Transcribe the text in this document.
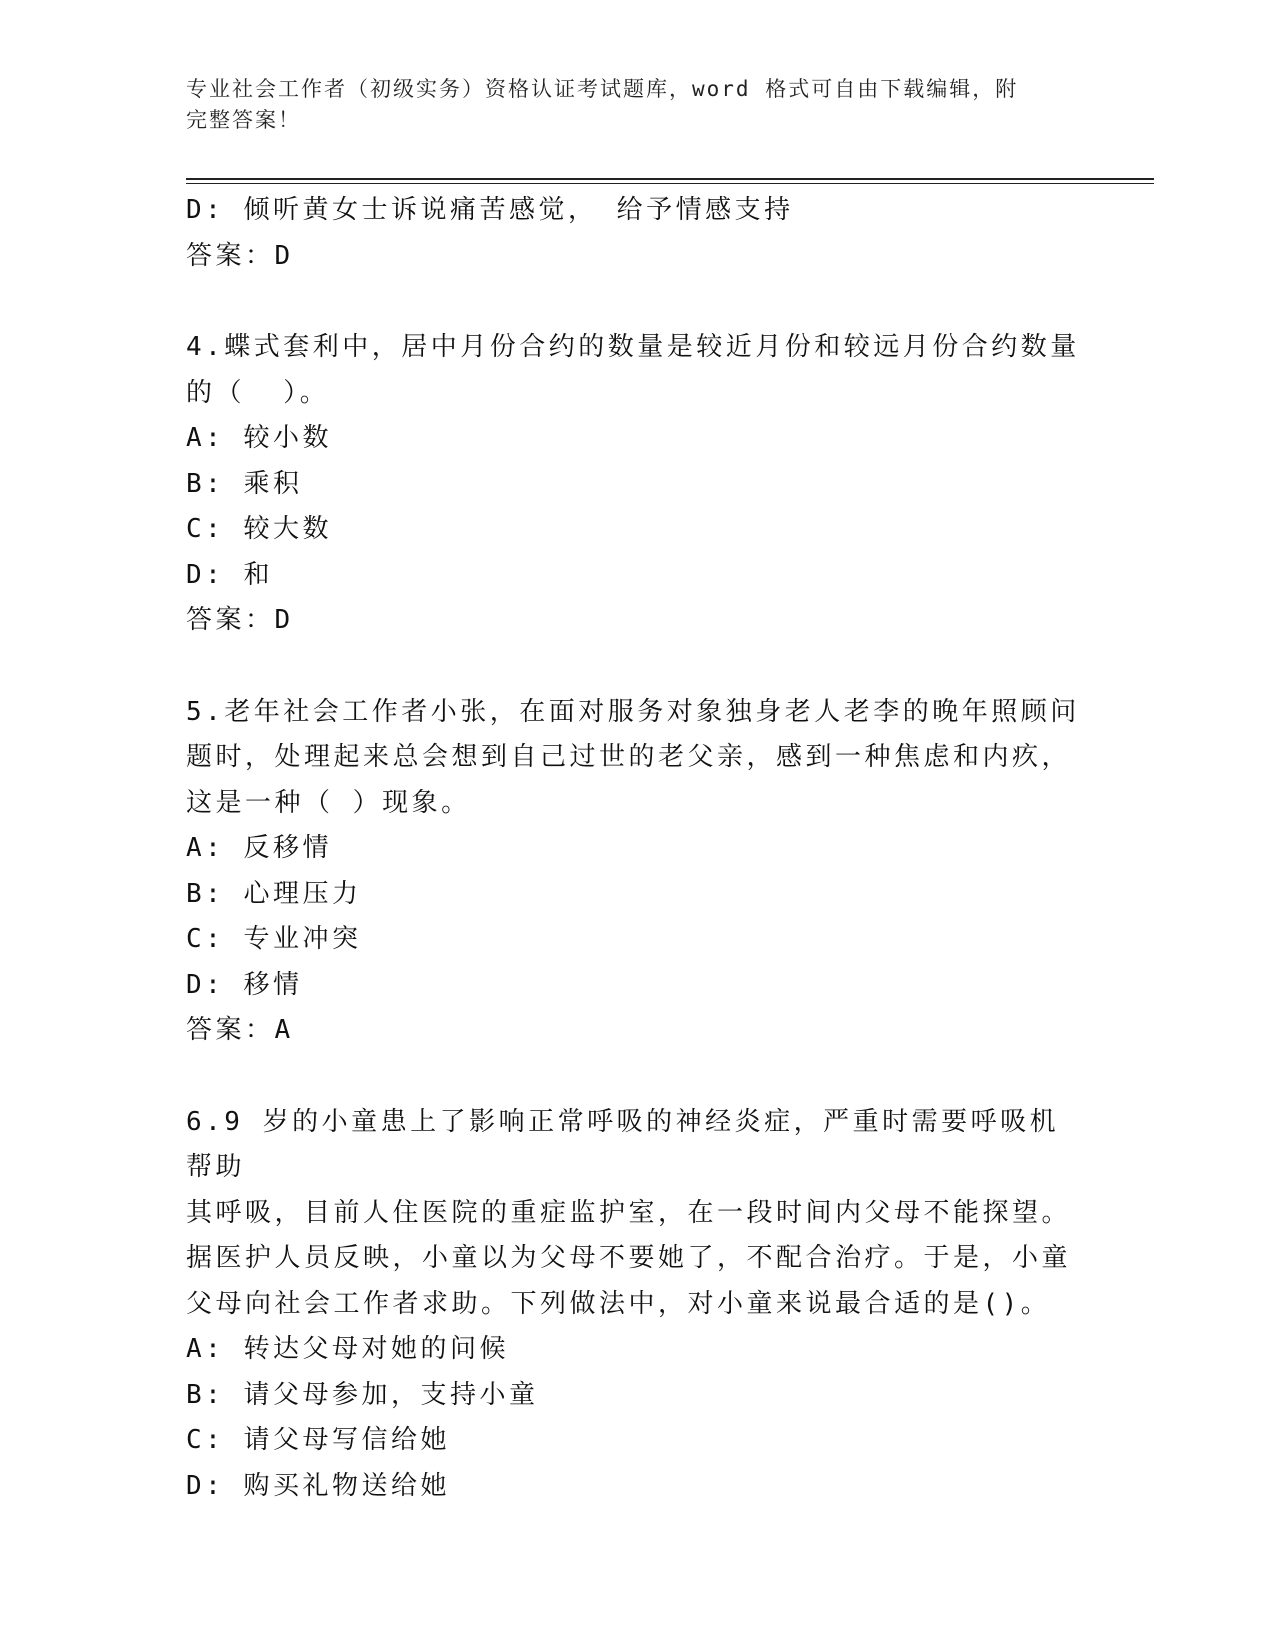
专业社会工作者（初级实务）资格认证考试题库，word 格式可自由下载编辑，附
完整答案！
D: 倾听黄女士诉说痛苦感觉， 给予情感支持
答案：D
4.蝶式套利中，居中月份合约的数量是较近月份和较远月份合约数量
的（  ）。
A: 较小数
B: 乘积
C: 较大数
D: 和
答案：D
5.老年社会工作者小张，在面对服务对象独身老人老李的晚年照顾问
题时，处理起来总会想到自己过世的老父亲，感到一种焦虑和内疚，
这是一种（ ）现象。
A: 反移情
B: 心理压力
C: 专业冲突
D: 移情
答案：A
6.9 岁的小童患上了影响正常呼吸的神经炎症，严重时需要呼吸机帮助
其呼吸，目前人住医院的重症监护室，在一段时间内父母不能探望。
据医护人员反映，小童以为父母不要她了，不配合治疗。于是，小童
父母向社会工作者求助。下列做法中，对小童来说最合适的是()。
A: 转达父母对她的问候
B: 请父母参加，支持小童
C: 请父母写信给她
D: 购买礼物送给她
